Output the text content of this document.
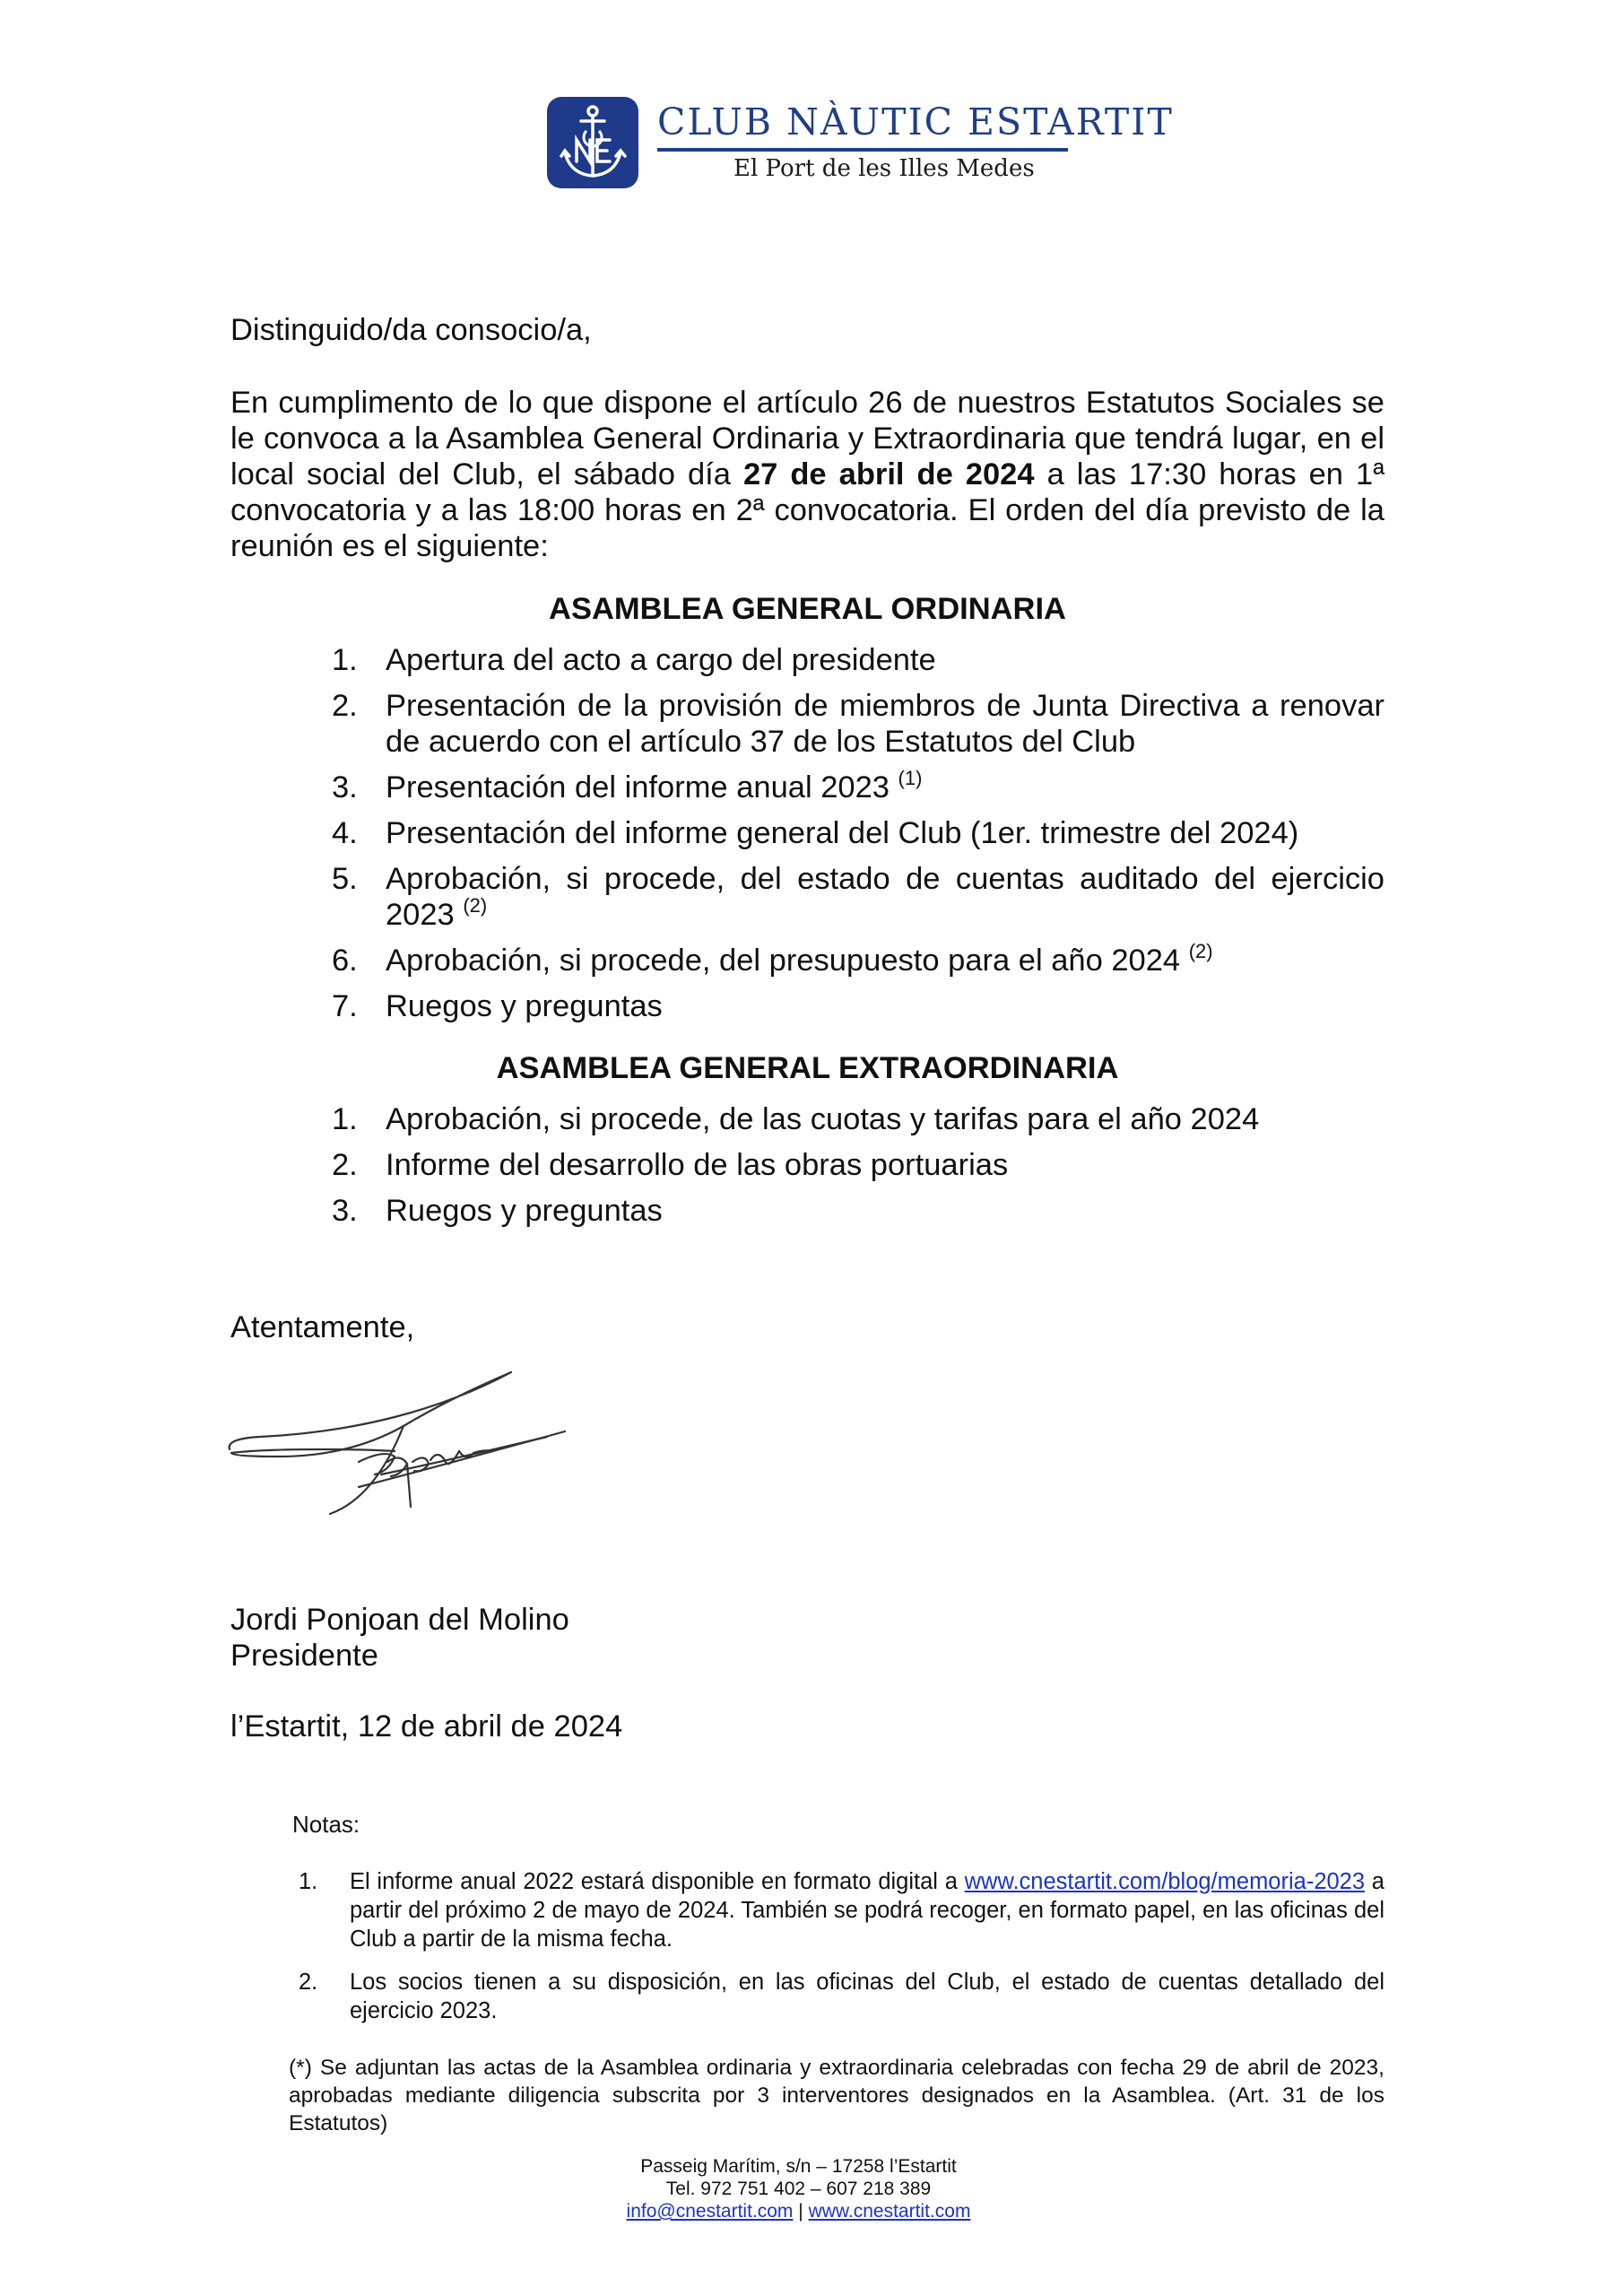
CLUB NÀUTIC ESTARTIT
El Port de les Illes Medes
Distinguido/da consocio/a,
En cumplimento de lo que dispone el artículo 26 de nuestros Estatutos Sociales se le convoca a la Asamblea General Ordinaria y Extraordinaria que tendrá lugar, en el local social del Club, el sábado día 27 de abril de 2024 a las 17:30 horas en 1ª convocatoria y a las 18:00 horas en 2ª convocatoria. El orden del día previsto de la reunión es el siguiente:
ASAMBLEA GENERAL ORDINARIA
1. Apertura del acto a cargo del presidente
2. Presentación de la provisión de miembros de Junta Directiva a renovar de acuerdo con el artículo 37 de los Estatutos del Club
3. Presentación del informe anual 2023 $^{(1)}$
4. Presentación del informe general del Club (1er. trimestre del 2024)
5. Aprobación, si procede, del estado de cuentas auditado del ejercicio 2023 $^{(2)}$
6. Aprobación, si procede, del presupuesto para el año 2024 $^{(2)}$
7. Ruegos y preguntas
ASAMBLEA GENERAL EXTRAORDINARIA
1. Aprobación, si procede, de las cuotas y tarifas para el año 2024
2. Informe del desarrollo de las obras portuarias
3. Ruegos y preguntas
Atentamente,
Jordi Ponjoan del Molino
Presidente
l’Estartit, 12 de abril de 2024
Notas:
1. El informe anual 2022 estará disponible en formato digital a www.cnestartit.com/blog/memoria-2023 a partir del próximo 2 de mayo de 2024. También se podrá recoger, en formato papel, en las oficinas del Club a partir de la misma fecha.
2. Los socios tienen a su disposición, en las oficinas del Club, el estado de cuentas detallado del ejercicio 2023.
(*) Se adjuntan las actas de la Asamblea ordinaria y extraordinaria celebradas con fecha 29 de abril de 2023, aprobadas mediante diligencia subscrita por 3 interventores designados en la Asamblea. (Art. 31 de los Estatutos)
Passeig Marítim, s/n – 17258 l’Estartit
Tel. 972 751 402 – 607 218 389
info@cnestartit.com | www.cnestartit.com
